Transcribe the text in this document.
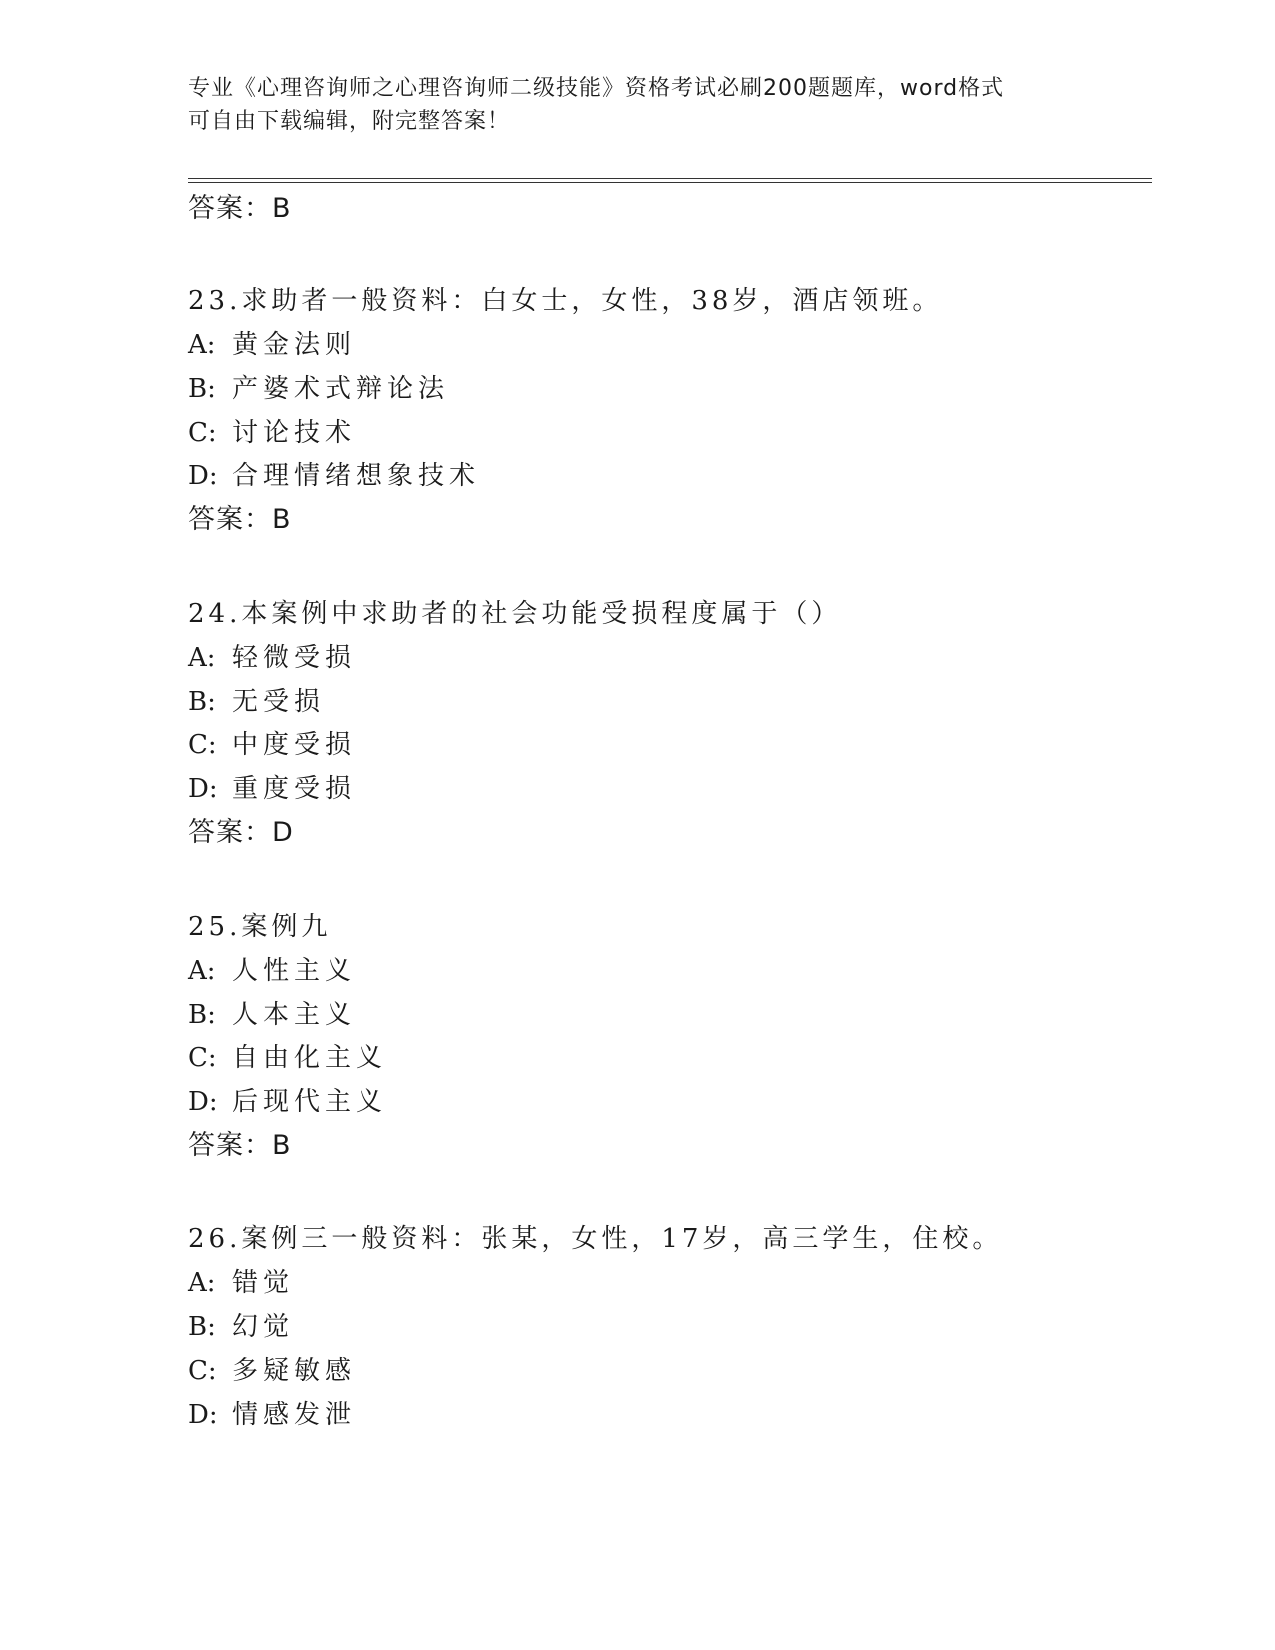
专业《心理咨询师之心理咨询师二级技能》资格考试必刷200题题库，word格式
可自由下载编辑，附完整答案！
答案：B
23.求助者一般资料：白女士，女性，38岁，酒店领班。
A: 黄金法则
B: 产婆术式辩论法
C: 讨论技术
D: 合理情绪想象技术
答案：B
24.本案例中求助者的社会功能受损程度属于（）
A: 轻微受损
B: 无受损
C: 中度受损
D: 重度受损
答案：D
25.案例九
A: 人性主义
B: 人本主义
C: 自由化主义
D: 后现代主义
答案：B
26.案例三一般资料：张某，女性，17岁，高三学生，住校。
A: 错觉
B: 幻觉
C: 多疑敏感
D: 情感发泄
